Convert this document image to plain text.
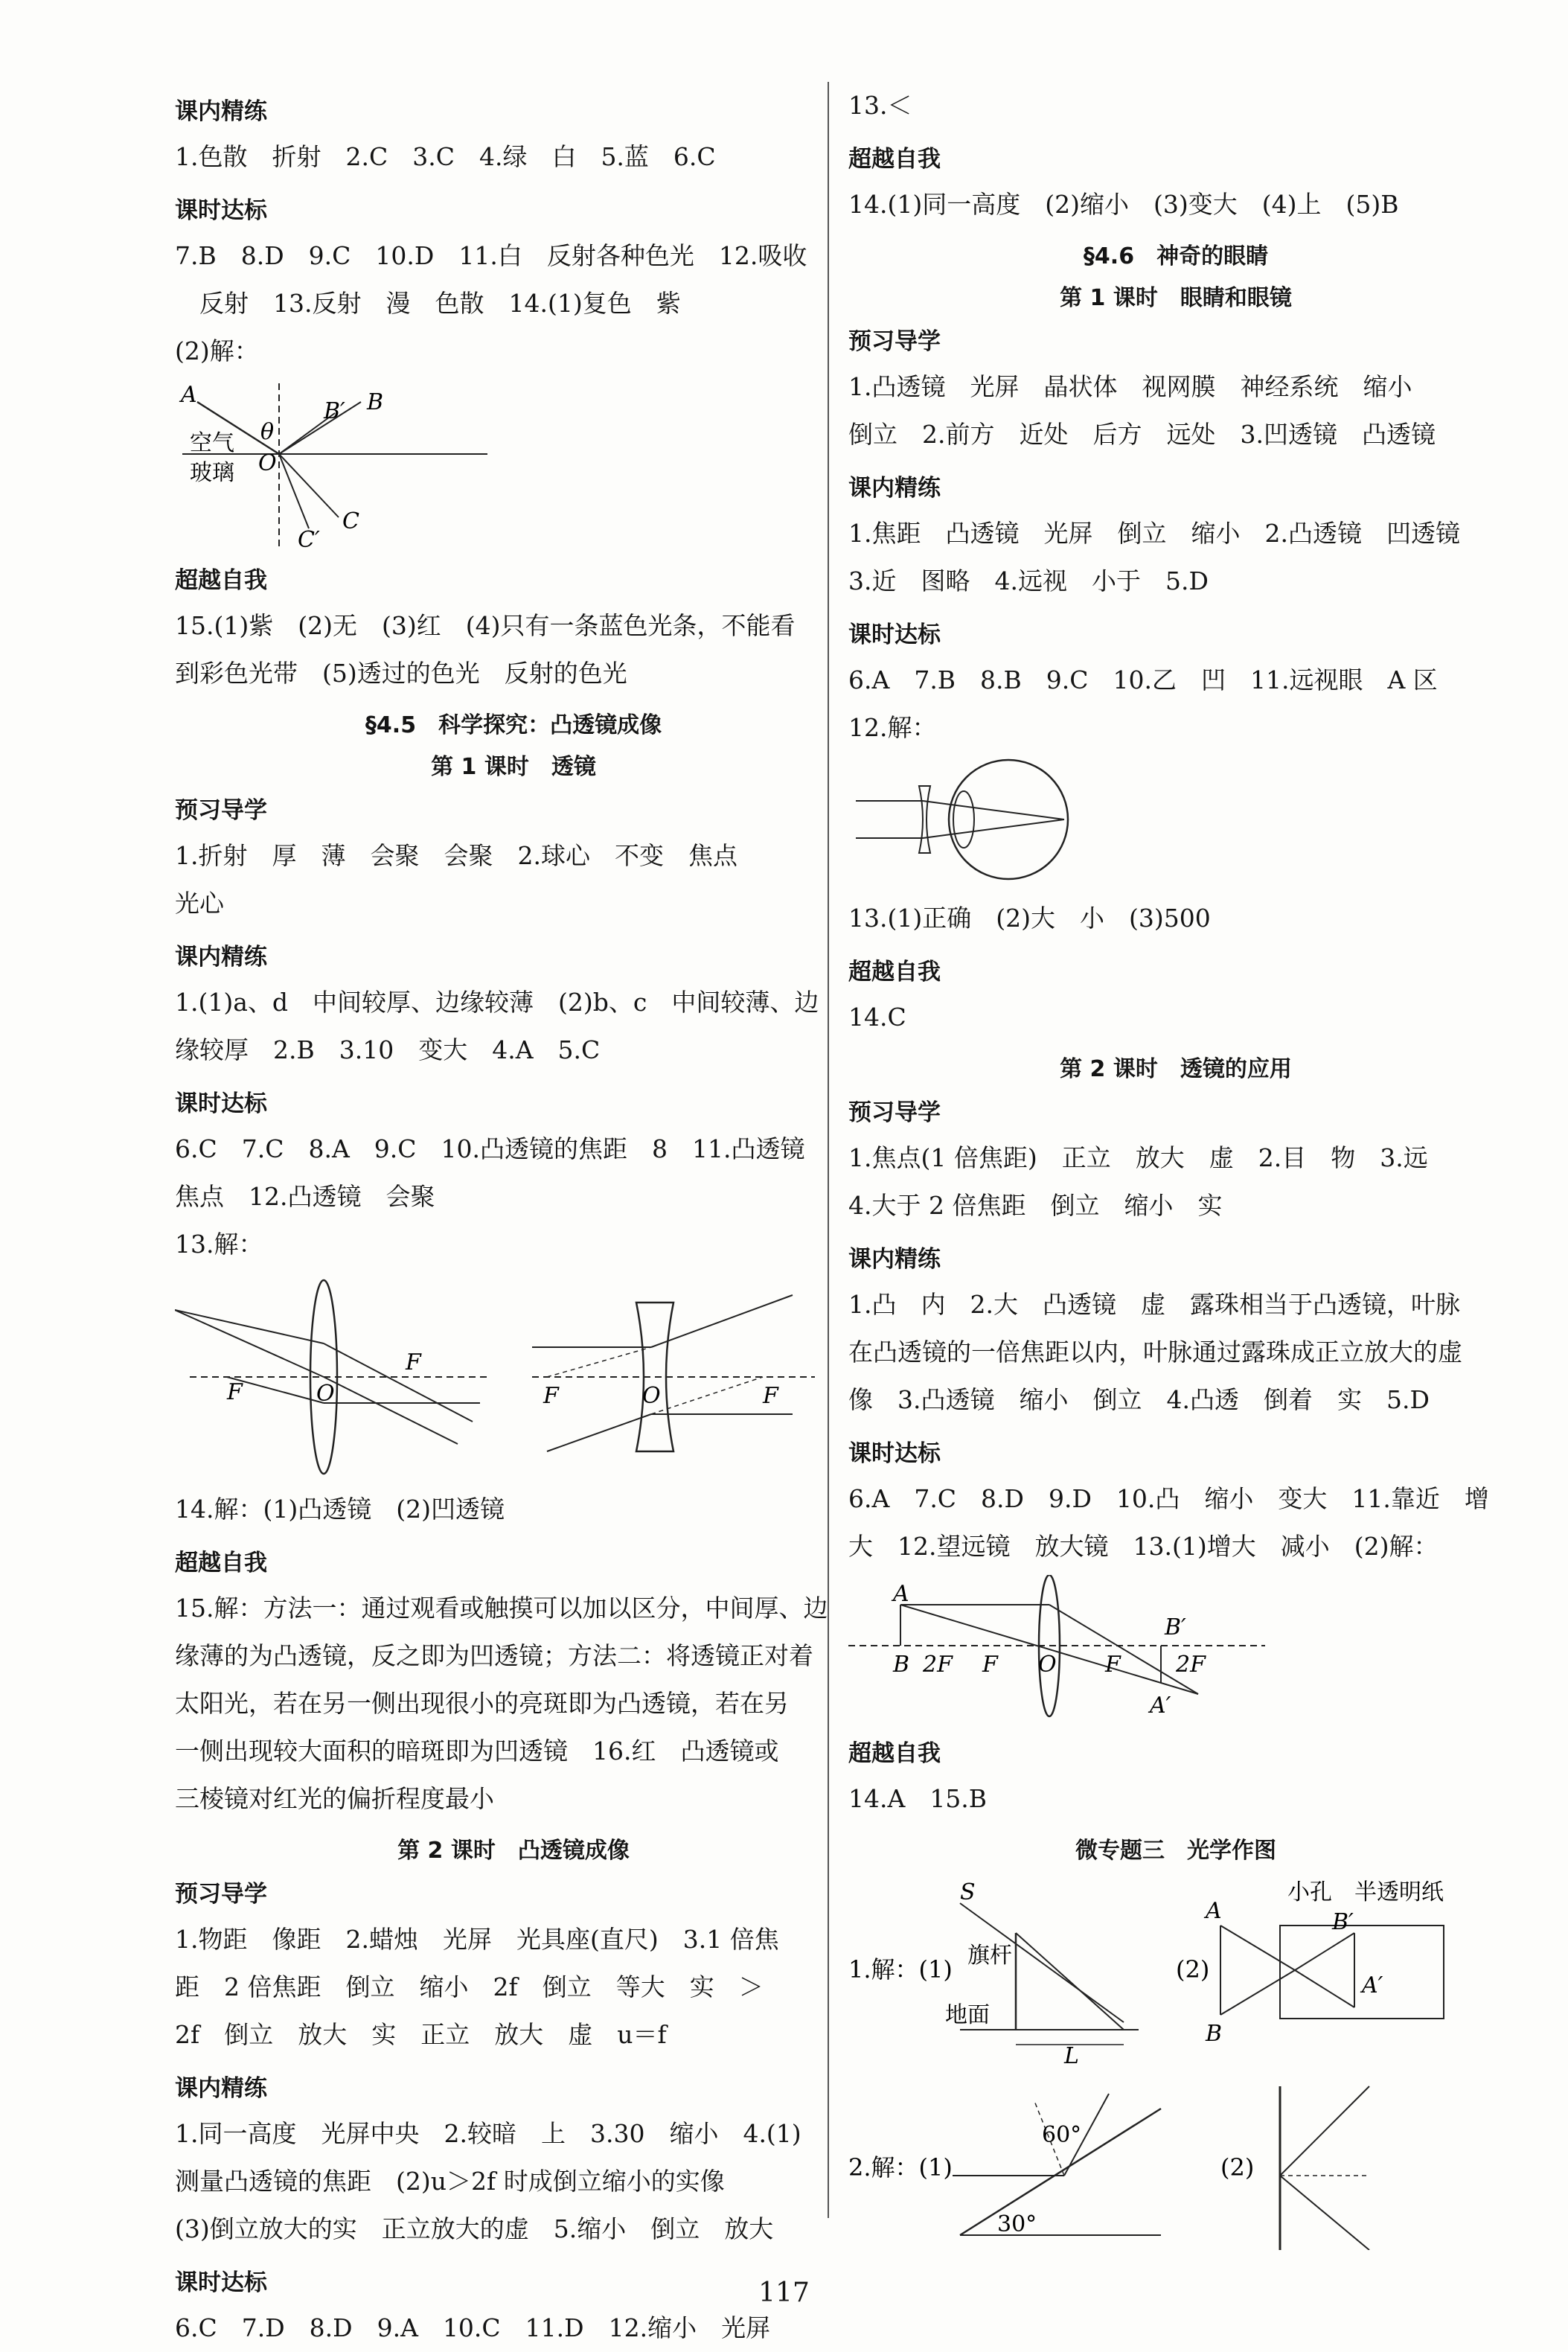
课内精练
1.色散　折射　2.C　3.C　4.绿　白　5.蓝　6.C
课时达标
7.B　8.D　9.C　10.D　11.白　反射各种色光　12.吸收
　反射　13.反射　漫　色散　14.(1)复色　紫
(2)解：
A
B′ B
θ
空气
玻璃 O
C′
C
超越自我
15.(1)紫　(2)无　(3)红　(4)只有一条蓝色光条，不能看
到彩色光带　(5)透过的色光　反射的色光
§4.5　科学探究：凸透镜成像
第 1 课时　透镜
预习导学
1.折射　厚　薄　会聚　会聚　2.球心　不变　焦点
光心
课内精练
1.(1)a、d　中间较厚、边缘较薄　(2)b、c　中间较薄、边
缘较厚　2.B　3.10　变大　4.A　5.C
课时达标
6.C　7.C　8.A　9.C　10.凸透镜的焦距　8　11.凸透镜
焦点　12.凸透镜　会聚
13.解：
F	O
F
F	O	F
14.解：(1)凸透镜　(2)凹透镜
超越自我
15.解：方法一：通过观看或触摸可以加以区分，中间厚、边
缘薄的为凸透镜，反之即为凹透镜；方法二：将透镜正对着
太阳光，若在另一侧出现很小的亮斑即为凸透镜，若在另
一侧出现较大面积的暗斑即为凹透镜　16.红　凸透镜或
三棱镜对红光的偏折程度最小
第 2 课时　凸透镜成像
预习导学
1.物距　像距　2.蜡烛　光屏　光具座(直尺)　3.1 倍焦
距　2 倍焦距　倒立　缩小　2f　倒立　等大　实　＞
2f　倒立　放大　实　正立　放大　虚　u＝f
课内精练
1.同一高度　光屏中央　2.较暗　上　3.30　缩小　4.(1)
测量凸透镜的焦距　(2)u＞2f 时成倒立缩小的实像
(3)倒立放大的实　正立放大的虚　5.缩小　倒立　放大
课时达标
6.C　7.D　8.D　9.A　10.C　11.D　12.缩小　光屏
13.＜
超越自我
14.(1)同一高度　(2)缩小　(3)变大　(4)上　(5)B
§4.6　神奇的眼睛
第 1 课时　眼睛和眼镜
预习导学
1.凸透镜　光屏　晶状体　视网膜　神经系统　缩小
倒立　2.前方　近处　后方　远处　3.凹透镜　凸透镜
课内精练
1.焦距　凸透镜　光屏　倒立　缩小　2.凸透镜　凹透镜
3.近　图略　4.远视　小于　5.D
课时达标
6.A　7.B　8.B　9.C　10.乙　凹　11.远视眼　A 区
12.解：
13.(1)正确　(2)大　小　(3)500
超越自我
14.C
第 2 课时　透镜的应用
预习导学
1.焦点(1 倍焦距)　正立　放大　虚　2.目　物　3.远
4.大于 2 倍焦距　倒立　缩小　实
课内精练
1.凸　内　2.大　凸透镜　虚　露珠相当于凸透镜，叶脉
在凸透镜的一倍焦距以内，叶脉通过露珠成正立放大的虚
像　3.凸透镜　缩小　倒立　4.凸透　倒着　实　5.D
课时达标
6.A　7.C　8.D　9.D　10.凸　缩小　变大　11.靠近　增
大　12.望远镜　放大镜　13.(1)增大　减小　(2)解：
A
B 2F F O F
B′
2F
A′
超越自我
14.A　15.B
微专题三　光学作图
1.解：(1)
S
旗杆
地面
L
(2)
A
B
小孔 半透明纸
B′
A′
2.解：(1)
60°
30°
(2)
117
